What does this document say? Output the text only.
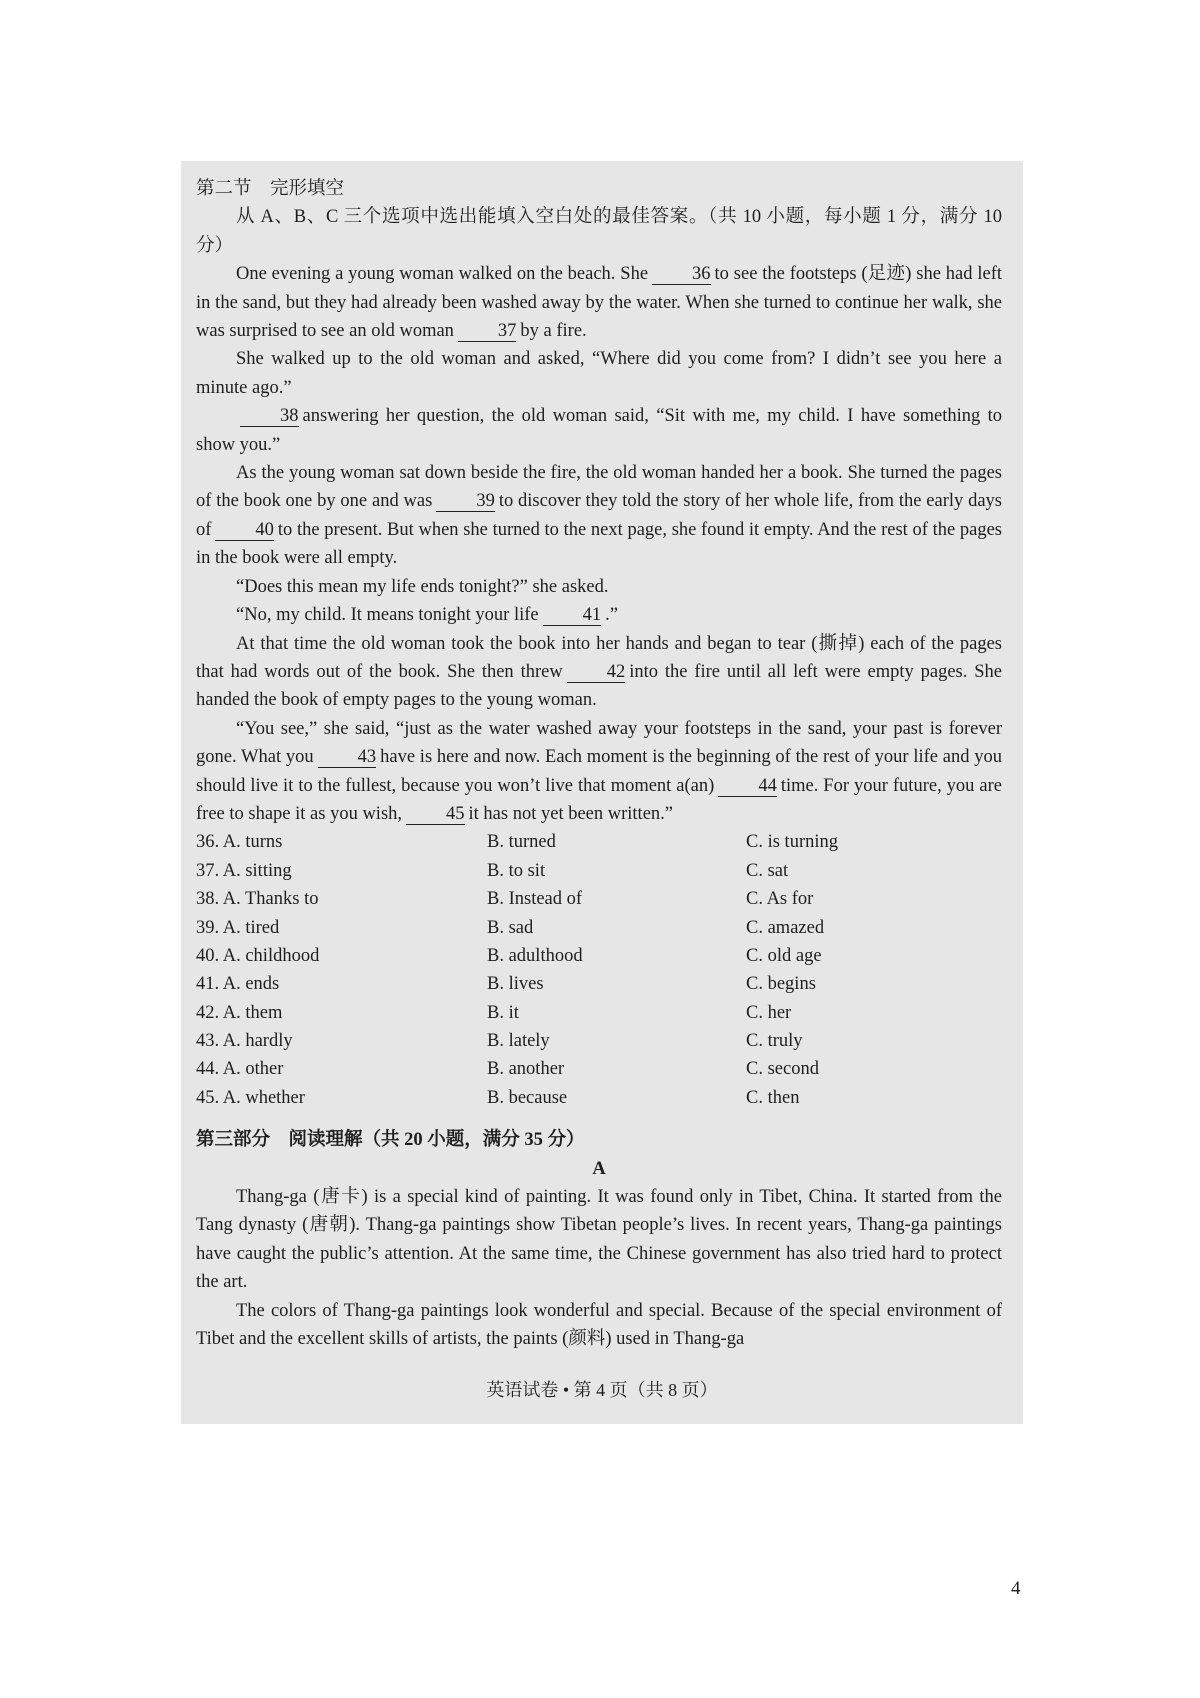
第二节　完形填空

从 A、B、C 三个选项中选出能填入空白处的最佳答案。（共 10 小题，每小题 1 分，满分 10 分）

One evening a young woman walked on the beach. She 36 to see the footsteps (足迹) she had left in the sand, but they had already been washed away by the water. When she turned to continue her walk, she was surprised to see an old woman 37 by a fire.

She walked up to the old woman and asked, “Where did you come from? I didn’t see you here a minute ago.”

38 answering her question, the old woman said, “Sit with me, my child. I have something to show you.”

As the young woman sat down beside the fire, the old woman handed her a book. She turned the pages of the book one by one and was 39 to discover they told the story of her whole life, from the early days of 40 to the present. But when she turned to the next page, she found it empty. And the rest of the pages in the book were all empty.

“Does this mean my life ends tonight?” she asked.

“No, my child. It means tonight your life 41 .”

At that time the old woman took the book into her hands and began to tear (撕掉) each of the pages that had words out of the book. She then threw 42 into the fire until all left were empty pages. She handed the book of empty pages to the young woman.

“You see,” she said, “just as the water washed away your footsteps in the sand, your past is forever gone. What you 43 have is here and now. Each moment is the beginning of the rest of your life and you should live it to the fullest, because you won’t live that moment a(an) 44 time. For your future, you are free to shape it as you wish, 45 it has not yet been written.”

36. A. turns	B. turned	C. is turning
37. A. sitting	B. to sit	C. sat
38. A. Thanks to	B. Instead of	C. As for
39. A. tired	B. sad	C. amazed
40. A. childhood	B. adulthood	C. old age
41. A. ends	B. lives	C. begins
42. A. them	B. it	C. her
43. A. hardly	B. lately	C. truly
44. A. other	B. another	C. second
45. A. whether	B. because	C. then
第三部分　阅读理解（共 20 小题，满分 35 分）
A

Thang-ga (唐卡) is a special kind of painting. It was found only in Tibet, China. It started from the Tang dynasty (唐朝). Thang-ga paintings show Tibetan people’s lives. In recent years, Thang-ga paintings have caught the public’s attention. At the same time, the Chinese government has also tried hard to protect the art.

The colors of Thang-ga paintings look wonderful and special. Because of the special environment of Tibet and the excellent skills of artists, the paints (颜料) used in Thang-ga

英语试卷 • 第 4 页（共 8 页）
4
